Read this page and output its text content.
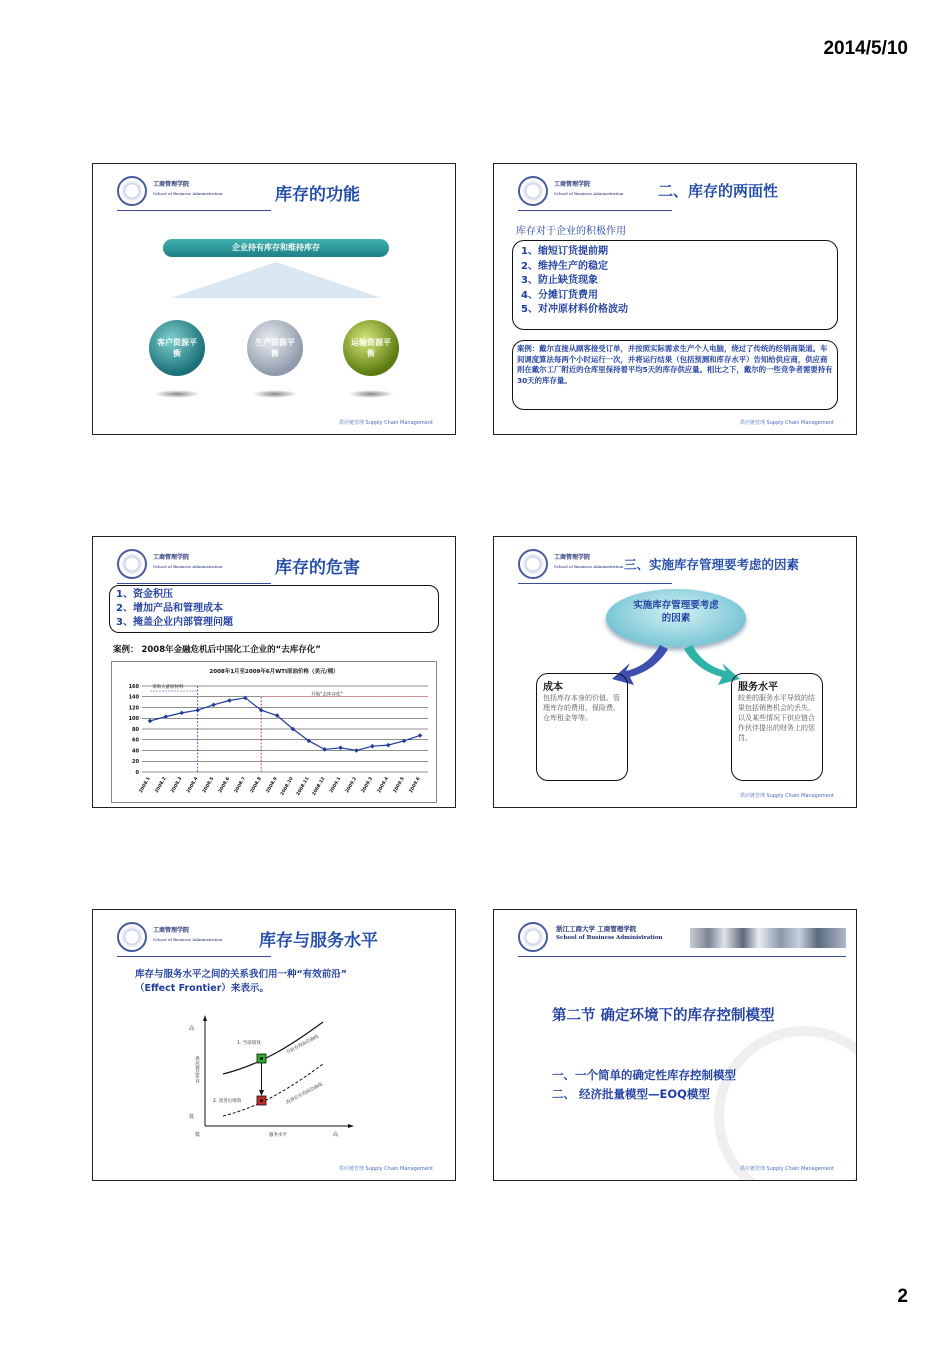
2014/5/10
工商管理学院
School of Business Administration	库存的功能
企业持有库存和维持库存
客户资源平衡
生产资源平衡
运输资源平衡
供应链管理 Supply Chain Management
工商管理学院
School of Business Administration 二、库存的两面性
库存对于企业的积极作用
1、缩短订货提前期
2、维持生产的稳定
3、防止缺货现象
4、分摊订货费用
5、对冲原材料价格波动
案例：戴尔直接从顾客接受订单，并按照实际需求生产个人电脑，绕过了传统的经销商渠道。车间调度算法每两个小时运行一次，并将运行结果（包括预测和库存水平）告知给供应商，供应商则在戴尔工厂附近的仓库里保持着平均5天的库存供应量。相比之下，戴尔的一些竞争者需要持有30天的库存量。
供应链管理 Supply Chain Management
工商管理学院
School of Business Administration	库存的危害
1、资金积压
2、增加产品和管理成本
3、掩盖企业内部管理问题
案例： 2008年金融危机后中国化工企业的“去库存化”
2008年1月至2009年6月WTI原油价格（美元/桶）
0
20
40
60
80
100
120
140
160
2008.1 2008.2 2008.3 2008.4 2008.5 2008.6 2008.7 2008.8 2008.9 2008.10 2008.11 2008.12 2009.1 2009.2 2009.3 2009.4 2009.5 2009.6
采购大量原材料
开始“去库存化”
工商管理学院
School of Business Administration 三、实施库存管理要考虑的因素
实施库存管理要考虑的因素
成本
包括库存本身的价值、管理库存的费用、保险费、仓库租金等等。
服务水平
较差的服务水平导致的结果包括销售机会的丢失，以及某些情况下供应链合作伙伴提出的财务上的惩罚。
供应链管理 Supply Chain Management
工商管理学院
School of Business Administration 库存与服务水平
库存与服务水平之间的关系我们用一种“有效前沿”
（Effect Frontier）来表示。
高
低
供应链总库存
低	服务水平	高
当前有效前沿曲线
改善后有效前沿曲线
1. 当前绩效
2. 改善后绩效
供应链管理 Supply Chain Management
浙江工商大学 工商管理学院
School of Business Administration
第二节 确定环境下的库存控制模型
一、一个简单的确定性库存控制模型
二、 经济批量模型—EOQ模型
供应链管理 Supply Chain Management
2
